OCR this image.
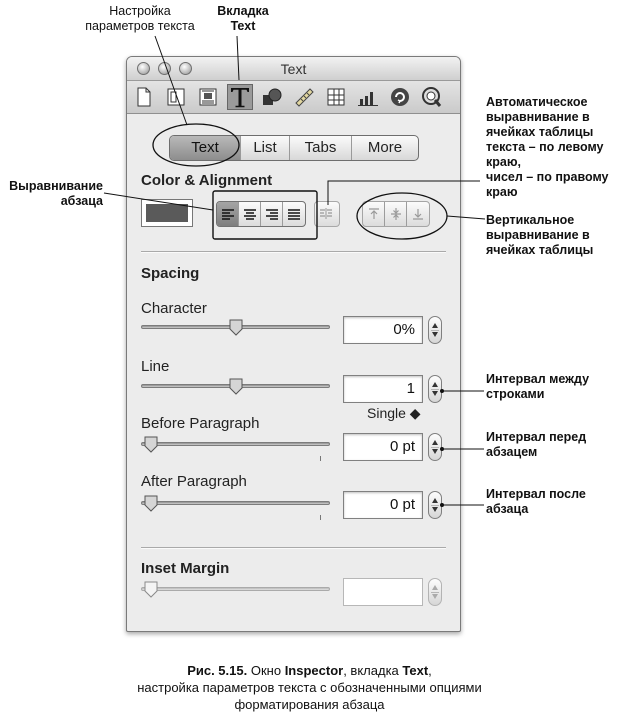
Настройка
параметров текста
Вкладка
Text
Автоматическое
выравнивание в
ячейках таблицы
текста – по левому
краю,
чисел – по правому
краю
Выравнивание
абзаца
Вертикальное
выравнивание в
ячейках таблицы
Интервал между
строками
Интервал перед
абзацем
Интервал после
абзаца
Text
Text	List	Tabs	More
Color & Alignment
Spacing
Character
0%
Line
1
Single ◆
Before Paragraph
0 pt
After Paragraph
0 pt
Inset Margin
Рис. 5.15. Окно Inspector, вкладка Text,
настройка параметров текста с обозначенными опциями
форматирования абзаца
